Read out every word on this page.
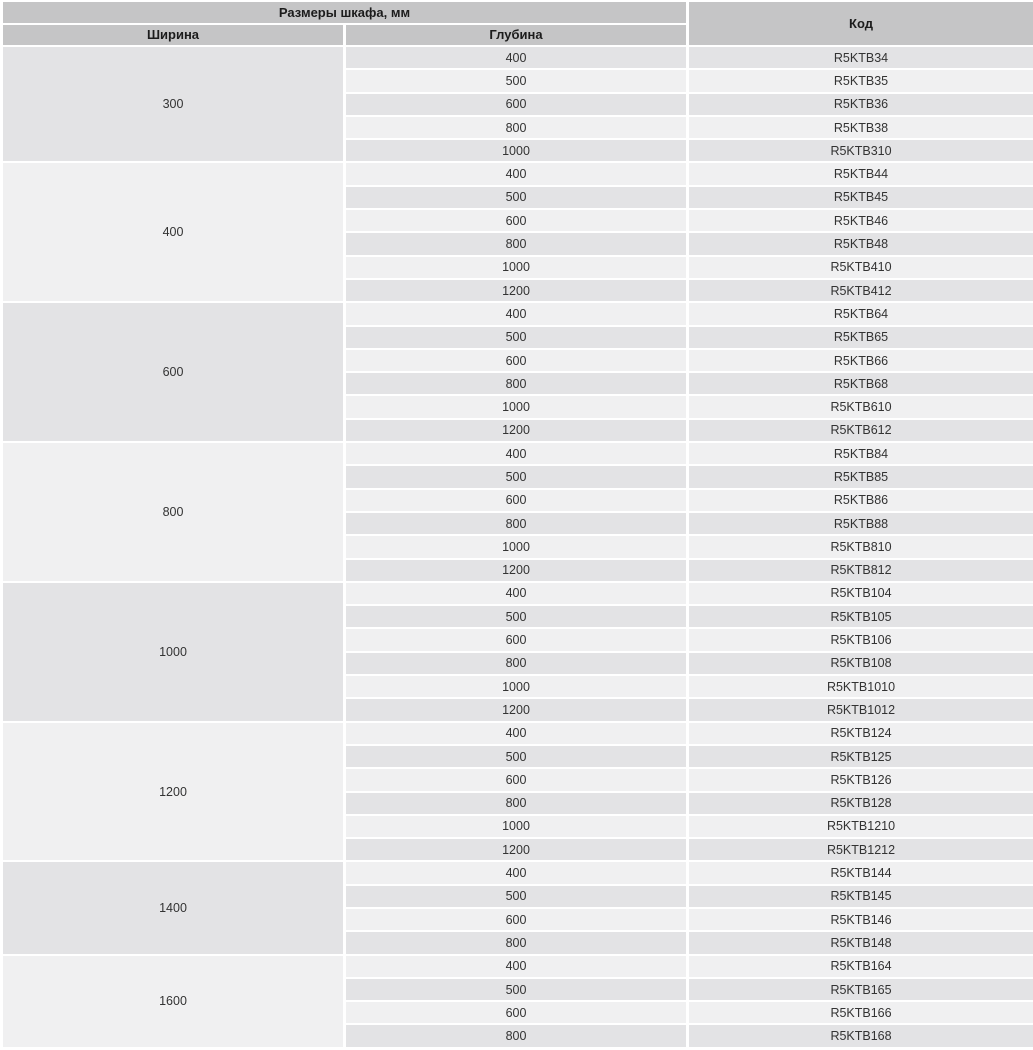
Размеры шкафа, мм		Код
Ширина	Глубина	
300	400	R5KTB34
	500	R5KTB35
	600	R5KTB36
	800	R5KTB38
	1000	R5KTB310
400	400	R5KTB44
	500	R5KTB45
	600	R5KTB46
	800	R5KTB48
	1000	R5KTB410
	1200	R5KTB412
600	400	R5KTB64
	500	R5KTB65
	600	R5KTB66
	800	R5KTB68
	1000	R5KTB610
	1200	R5KTB612
800	400	R5KTB84
	500	R5KTB85
	600	R5KTB86
	800	R5KTB88
	1000	R5KTB810
	1200	R5KTB812
1000	400	R5KTB104
	500	R5KTB105
	600	R5KTB106
	800	R5KTB108
	1000	R5KTB1010
	1200	R5KTB1012
1200	400	R5KTB124
	500	R5KTB125
	600	R5KTB126
	800	R5KTB128
	1000	R5KTB1210
	1200	R5KTB1212
1400	400	R5KTB144
	500	R5KTB145
	600	R5KTB146
	800	R5KTB148
1600	400	R5KTB164
	500	R5KTB165
	600	R5KTB166
	800	R5KTB168
